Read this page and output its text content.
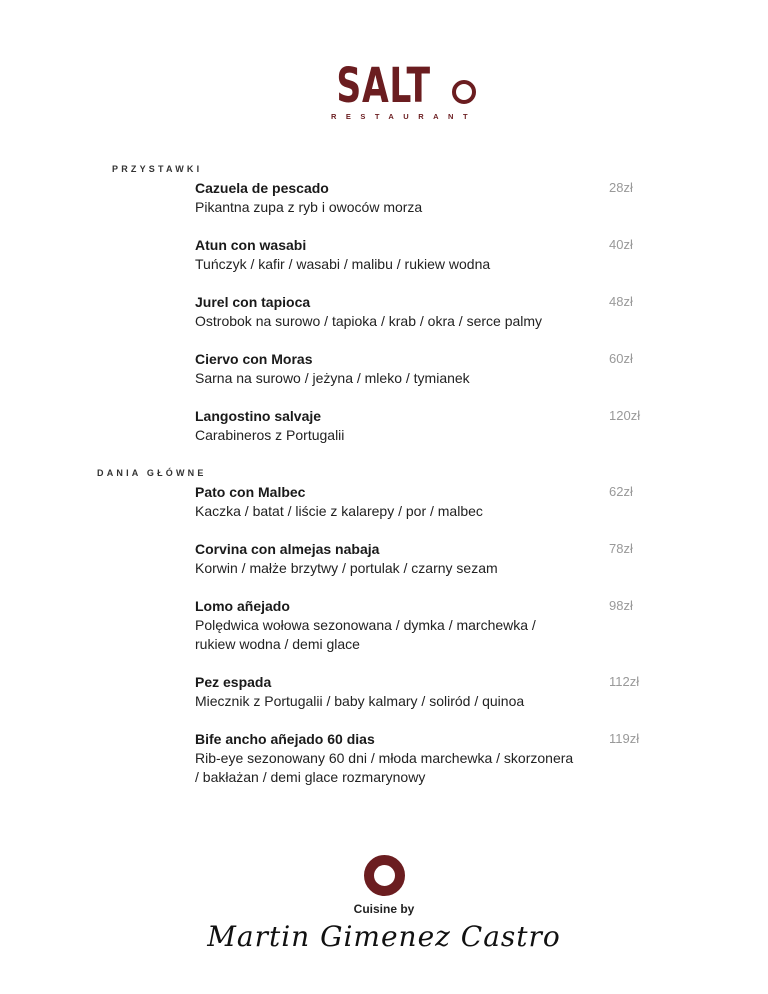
SALT
RESTAURANT
PRZYSTAWKI
Cazuela de pescado
Pikantna zupa z ryb i owoców morza
28zł
Atun con wasabi
Tuńczyk / kafir / wasabi / malibu / rukiew wodna
40zł
Jurel con tapioca
Ostrobok na surowo / tapioka / krab / okra / serce palmy
48zł
Ciervo con Moras
Sarna na surowo / jeżyna / mleko / tymianek
60zł
Langostino salvaje
Carabineros z Portugalii
120zł
DANIA GŁÓWNE
Pato con Malbec
Kaczka / batat / liście z kalarepy / por / malbec
62zł
Corvina con almejas nabaja
Korwin / małże brzytwy / portulak / czarny sezam
78zł
Lomo añejado
Polędwica wołowa sezonowana / dymka / marchewka / rukiew wodna / demi glace
98zł
Pez espada
Miecznik z Portugalii / baby kalmary / soliród / quinoa
112zł
Bife ancho añejado 60 dias
Rib-eye sezonowany 60 dni / młoda marchewka / skorzonera / bakłażan / demi glace rozmarynowy
119zł
Cuisine by
Martin Gimenez Castro
